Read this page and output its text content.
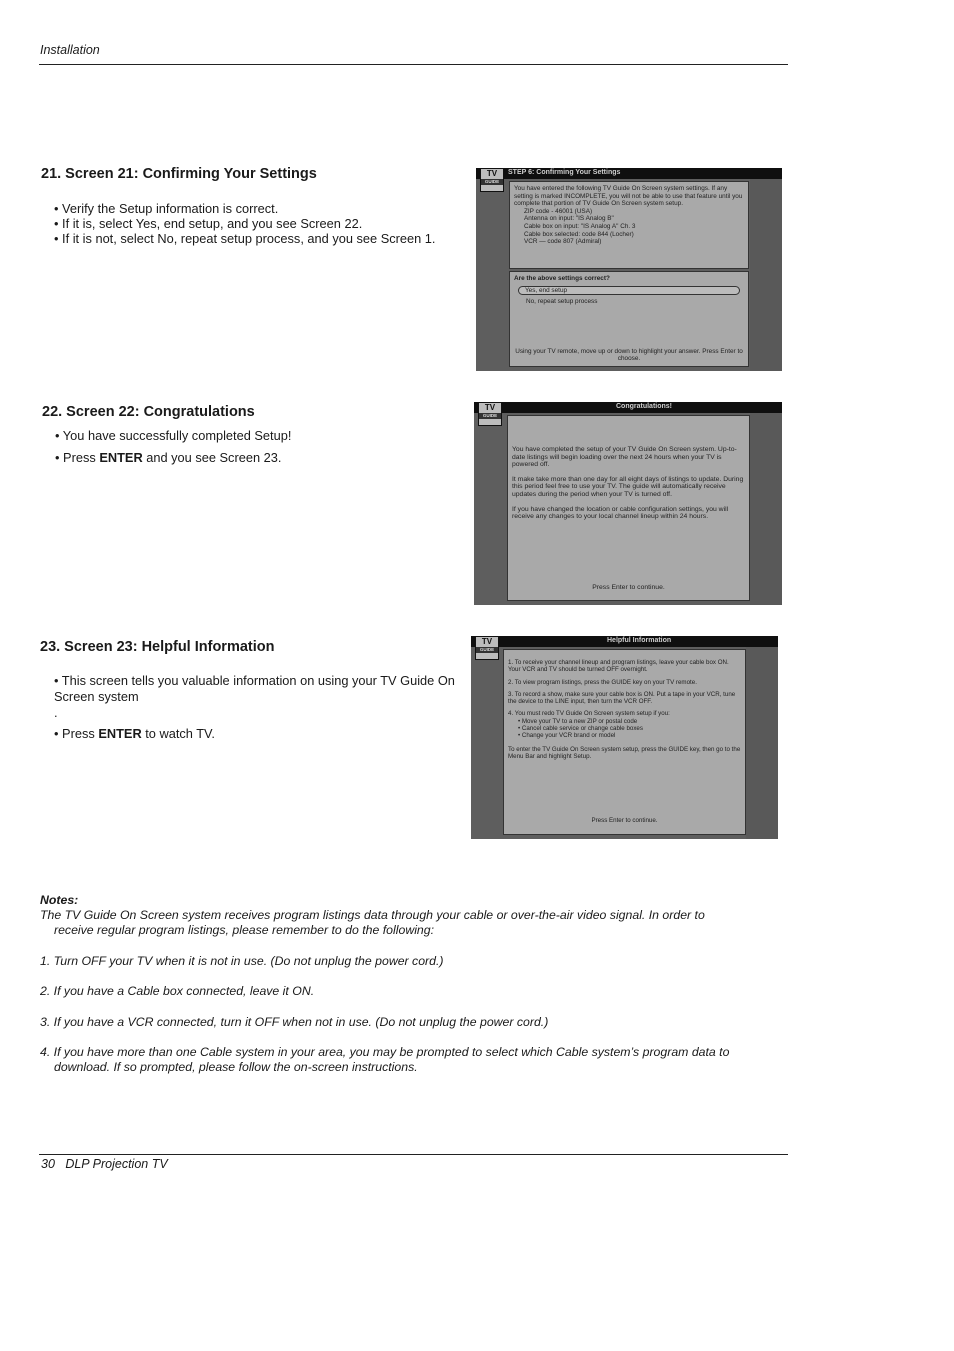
Installation
21. Screen 21: Confirming Your Settings
• Verify the Setup information is correct.
• If it is, select Yes, end setup, and you see Screen 22.
• If it is not, select No, repeat setup process, and you see Screen 1.
STEP 6: Confirming Your Settings
TV
GUIDE
You have entered the following TV Guide On Screen system settings. If any setting is marked INCOMPLETE, you will not be able to use that feature until you complete that portion of TV Guide On Screen system setup.
ZIP code - 46001 (USA)
Antenna on input: "IS Analog B"
Cable box on input: "IS Analog A" Ch. 3
Cable box selected: code 844 (Locher)
VCR — code 807 (Admiral)
Are the above settings correct?
Yes, end setup
No, repeat setup process
Using your TV remote, move up or down to highlight your answer. Press Enter to choose.
22. Screen 22: Congratulations
• You have successfully completed Setup!
• Press ENTER and you see Screen 23.
Congratulations!
TV
GUIDE
You have completed the setup of your TV Guide On Screen system. Up-to-date listings will begin loading over the next 24 hours when your TV is powered off.
It make take more than one day for all eight days of listings to update. During this period feel free to use your TV. The guide will automatically receive updates during the period when your TV is turned off.
If you have changed the location or cable configuration settings, you will receive any changes to your local channel lineup within 24 hours.
Press Enter to continue.
23. Screen 23: Helpful Information
• This screen tells you valuable information on using your TV Guide On
Screen system
.
• Press ENTER to watch TV.
Helpful Information
TV
GUIDE
1. To receive your channel lineup and program listings, leave your cable box ON. Your VCR and TV should be turned OFF overnight.
2. To view program listings, press the GUIDE key on your TV remote.
3. To record a show, make sure your cable box is ON. Put a tape in your VCR, tune the device to the LINE input, then turn the VCR OFF.
4. You must redo TV Guide On Screen system setup if you:
• Move your TV to a new ZIP or postal code
• Cancel cable service or change cable boxes
• Change your VCR brand or model
To enter the TV Guide On Screen system setup, press the GUIDE key, then go to the Menu Bar and highlight Setup.
Press Enter to continue.
Notes:
The TV Guide On Screen system receives program listings data through your cable or over-the-air video signal. In order to
receive regular program listings, please remember to do the following:
1. Turn OFF your TV when it is not in use. (Do not unplug the power cord.)
2. If you have a Cable box connected, leave it ON.
3. If you have a VCR connected, turn it OFF when not in use. (Do not unplug the power cord.)
4. If you have more than one Cable system in your area, you may be prompted to select which Cable system’s program data to
download. If so prompted, please follow the on-screen instructions.
30   DLP Projection TV
